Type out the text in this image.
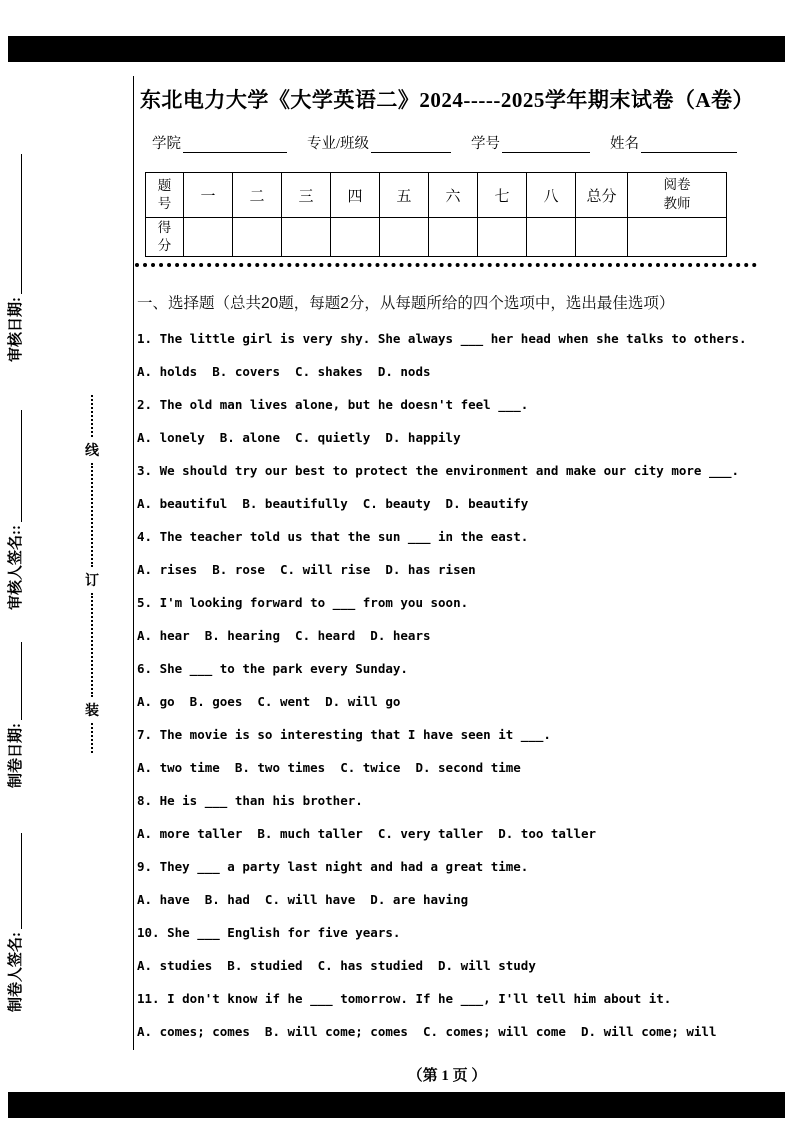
审核日期:
审核人签名::
制卷日期:
制卷人签名:
线
订
装
东北电力大学《大学英语二》2024-----2025学年期末试卷（A卷）
学院	专业/班级	学号	姓名
题号	一	二	三	四	五	六	七	八	总分	阅卷教师
得分										
一、选择题（总共20题，每题2分，从每题所给的四个选项中，选出最佳选项）
1. The little girl is very shy. She always ___ her head when she talks to others.
A. holds  B. covers  C. shakes  D. nods
2. The old man lives alone, but he doesn't feel ___.
A. lonely  B. alone  C. quietly  D. happily
3. We should try our best to protect the environment and make our city more ___.
A. beautiful  B. beautifully  C. beauty  D. beautify
4. The teacher told us that the sun ___ in the east.
A. rises  B. rose  C. will rise  D. has risen
5. I'm looking forward to ___ from you soon.
A. hear  B. hearing  C. heard  D. hears
6. She ___ to the park every Sunday.
A. go  B. goes  C. went  D. will go
7. The movie is so interesting that I have seen it ___.
A. two time  B. two times  C. twice  D. second time
8. He is ___ than his brother.
A. more taller  B. much taller  C. very taller  D. too taller
9. They ___ a party last night and had a great time.
A. have  B. had  C. will have  D. are having
10. She ___ English for five years.
A. studies  B. studied  C. has studied  D. will study
11. I don't know if he ___ tomorrow. If he ___, I'll tell him about it.
A. comes; comes  B. will come; comes  C. comes; will come  D. will come; will
（第 1 页 ）
